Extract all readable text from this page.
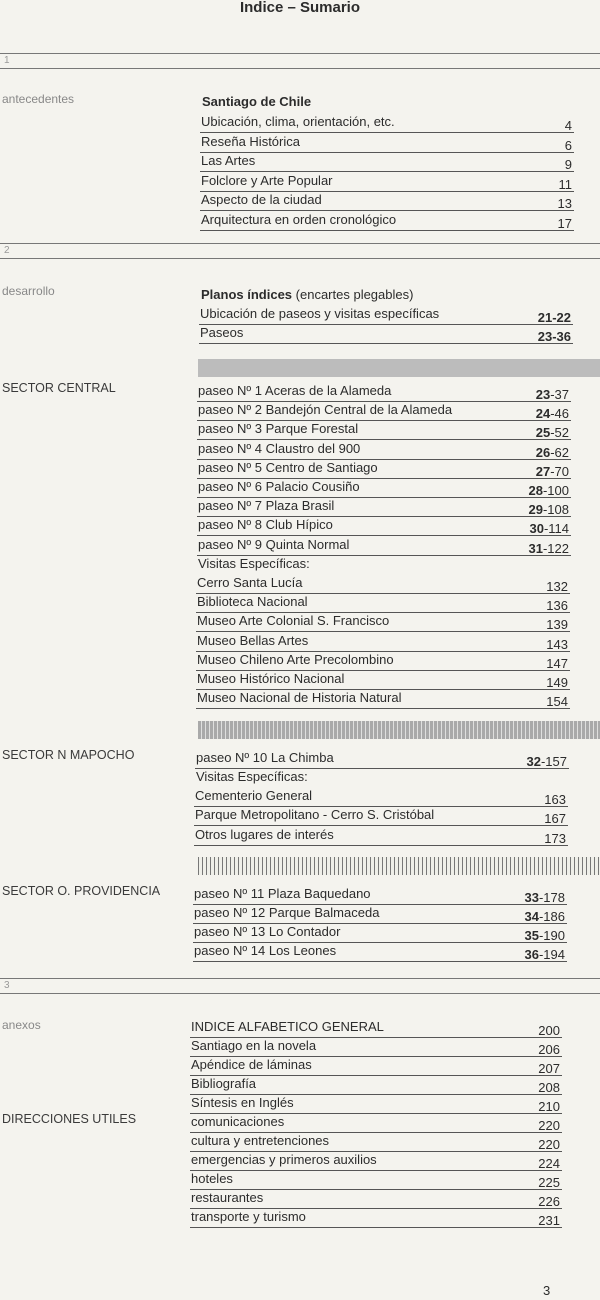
Indice – Sumario
1
2
3
antecedentes
desarrollo
SECTOR CENTRAL
SECTOR N MAPOCHO
SECTOR O. PROVIDENCIA
anexos
DIRECCIONES UTILES
Santiago de Chile
Ubicación, clima, orientación, etc.	4
Reseña Histórica	6
Las Artes	9
Folclore y Arte Popular	11
Aspecto de la ciudad	13
Arquitectura en orden cronológico	17
Planos índices (encartes plegables)
Ubicación de paseos y visitas específicas	21-22
Paseos	23-36
paseo Nº 1 Aceras de la Alameda	23-37
paseo Nº 2 Bandejón Central de la Alameda	24-46
paseo Nº 3 Parque Forestal	25-52
paseo Nº 4 Claustro del 900	26-62
paseo Nº 5 Centro de Santiago	27-70
paseo Nº 6 Palacio Cousiño	28-100
paseo Nº 7 Plaza Brasil	29-108
paseo Nº 8 Club Hípico	30-114
paseo Nº 9 Quinta Normal	31-122
Visitas Específicas:
Cerro Santa Lucía	132
Biblioteca Nacional	136
Museo Arte Colonial S. Francisco	139
Museo Bellas Artes	143
Museo Chileno Arte Precolombino	147
Museo Histórico Nacional	149
Museo Nacional de Historia Natural	154
paseo Nº 10 La Chimba	32-157
Visitas Específicas:
Cementerio General	163
Parque Metropolitano - Cerro S. Cristóbal	167
Otros lugares de interés	173
paseo Nº 11 Plaza Baquedano	33-178
paseo Nº 12 Parque Balmaceda	34-186
paseo Nº 13 Lo Contador	35-190
paseo Nº 14 Los Leones	36-194
INDICE ALFABETICO GENERAL	200
Santiago en la novela	206
Apéndice de láminas	207
Bibliografía	208
Síntesis en Inglés	210
comunicaciones	220
cultura y entretenciones	220
emergencias y primeros auxilios	224
hoteles	225
restaurantes	226
transporte y turismo	231
3
